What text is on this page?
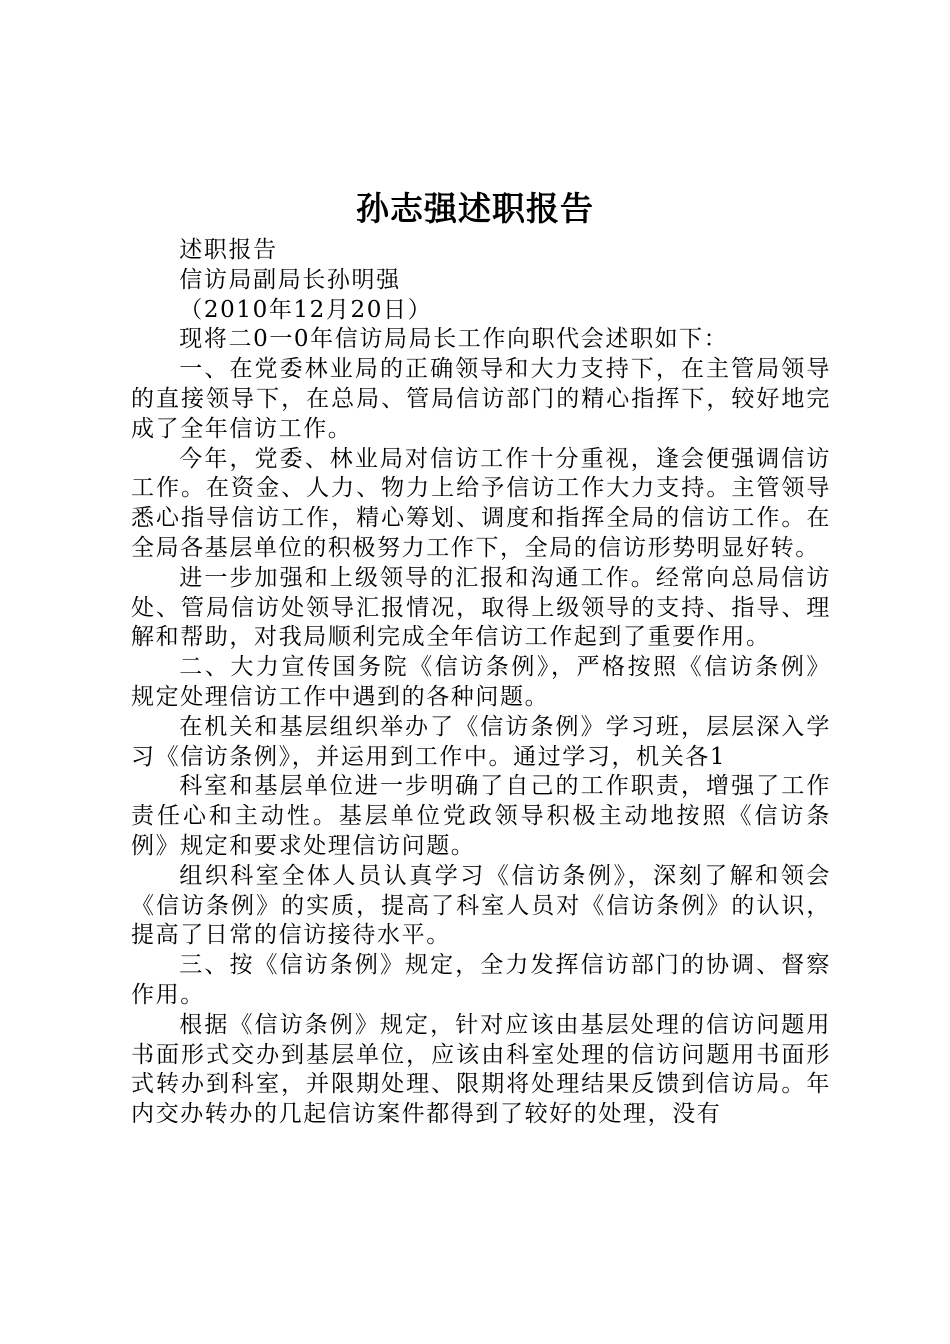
孙志强述职报告

述职报告

信访局副局长孙明强

（2010年12月20日）

现将二0一0年信访局局长工作向职代会述职如下：

一、在党委林业局的正确领导和大力支持下，在主管局领导的直接领导下，在总局、管局信访部门的精心指挥下，较好地完成了全年信访工作。

今年，党委、林业局对信访工作十分重视，逢会便强调信访工作。在资金、人力、物力上给予信访工作大力支持。主管领导悉心指导信访工作，精心筹划、调度和指挥全局的信访工作。在全局各基层单位的积极努力工作下，全局的信访形势明显好转。

进一步加强和上级领导的汇报和沟通工作。经常向总局信访处、管局信访处领导汇报情况，取得上级领导的支持、指导、理解和帮助，对我局顺利完成全年信访工作起到了重要作用。

二、大力宣传国务院《信访条例》，严格按照《信访条例》规定处理信访工作中遇到的各种问题。

在机关和基层组织举办了《信访条例》学习班，层层深入学习《信访条例》，并运用到工作中。通过学习，机关各1

科室和基层单位进一步明确了自己的工作职责，增强了工作责任心和主动性。基层单位党政领导积极主动地按照《信访条例》规定和要求处理信访问题。

组织科室全体人员认真学习《信访条例》，深刻了解和领会《信访条例》的实质，提高了科室人员对《信访条例》的认识，提高了日常的信访接待水平。

三、按《信访条例》规定，全力发挥信访部门的协调、督察作用。

根据《信访条例》规定，针对应该由基层处理的信访问题用书面形式交办到基层单位，应该由科室处理的信访问题用书面形式转办到科室，并限期处理、限期将处理结果反馈到信访局。年内交办转办的几起信访案件都得到了较好的处理，没有
